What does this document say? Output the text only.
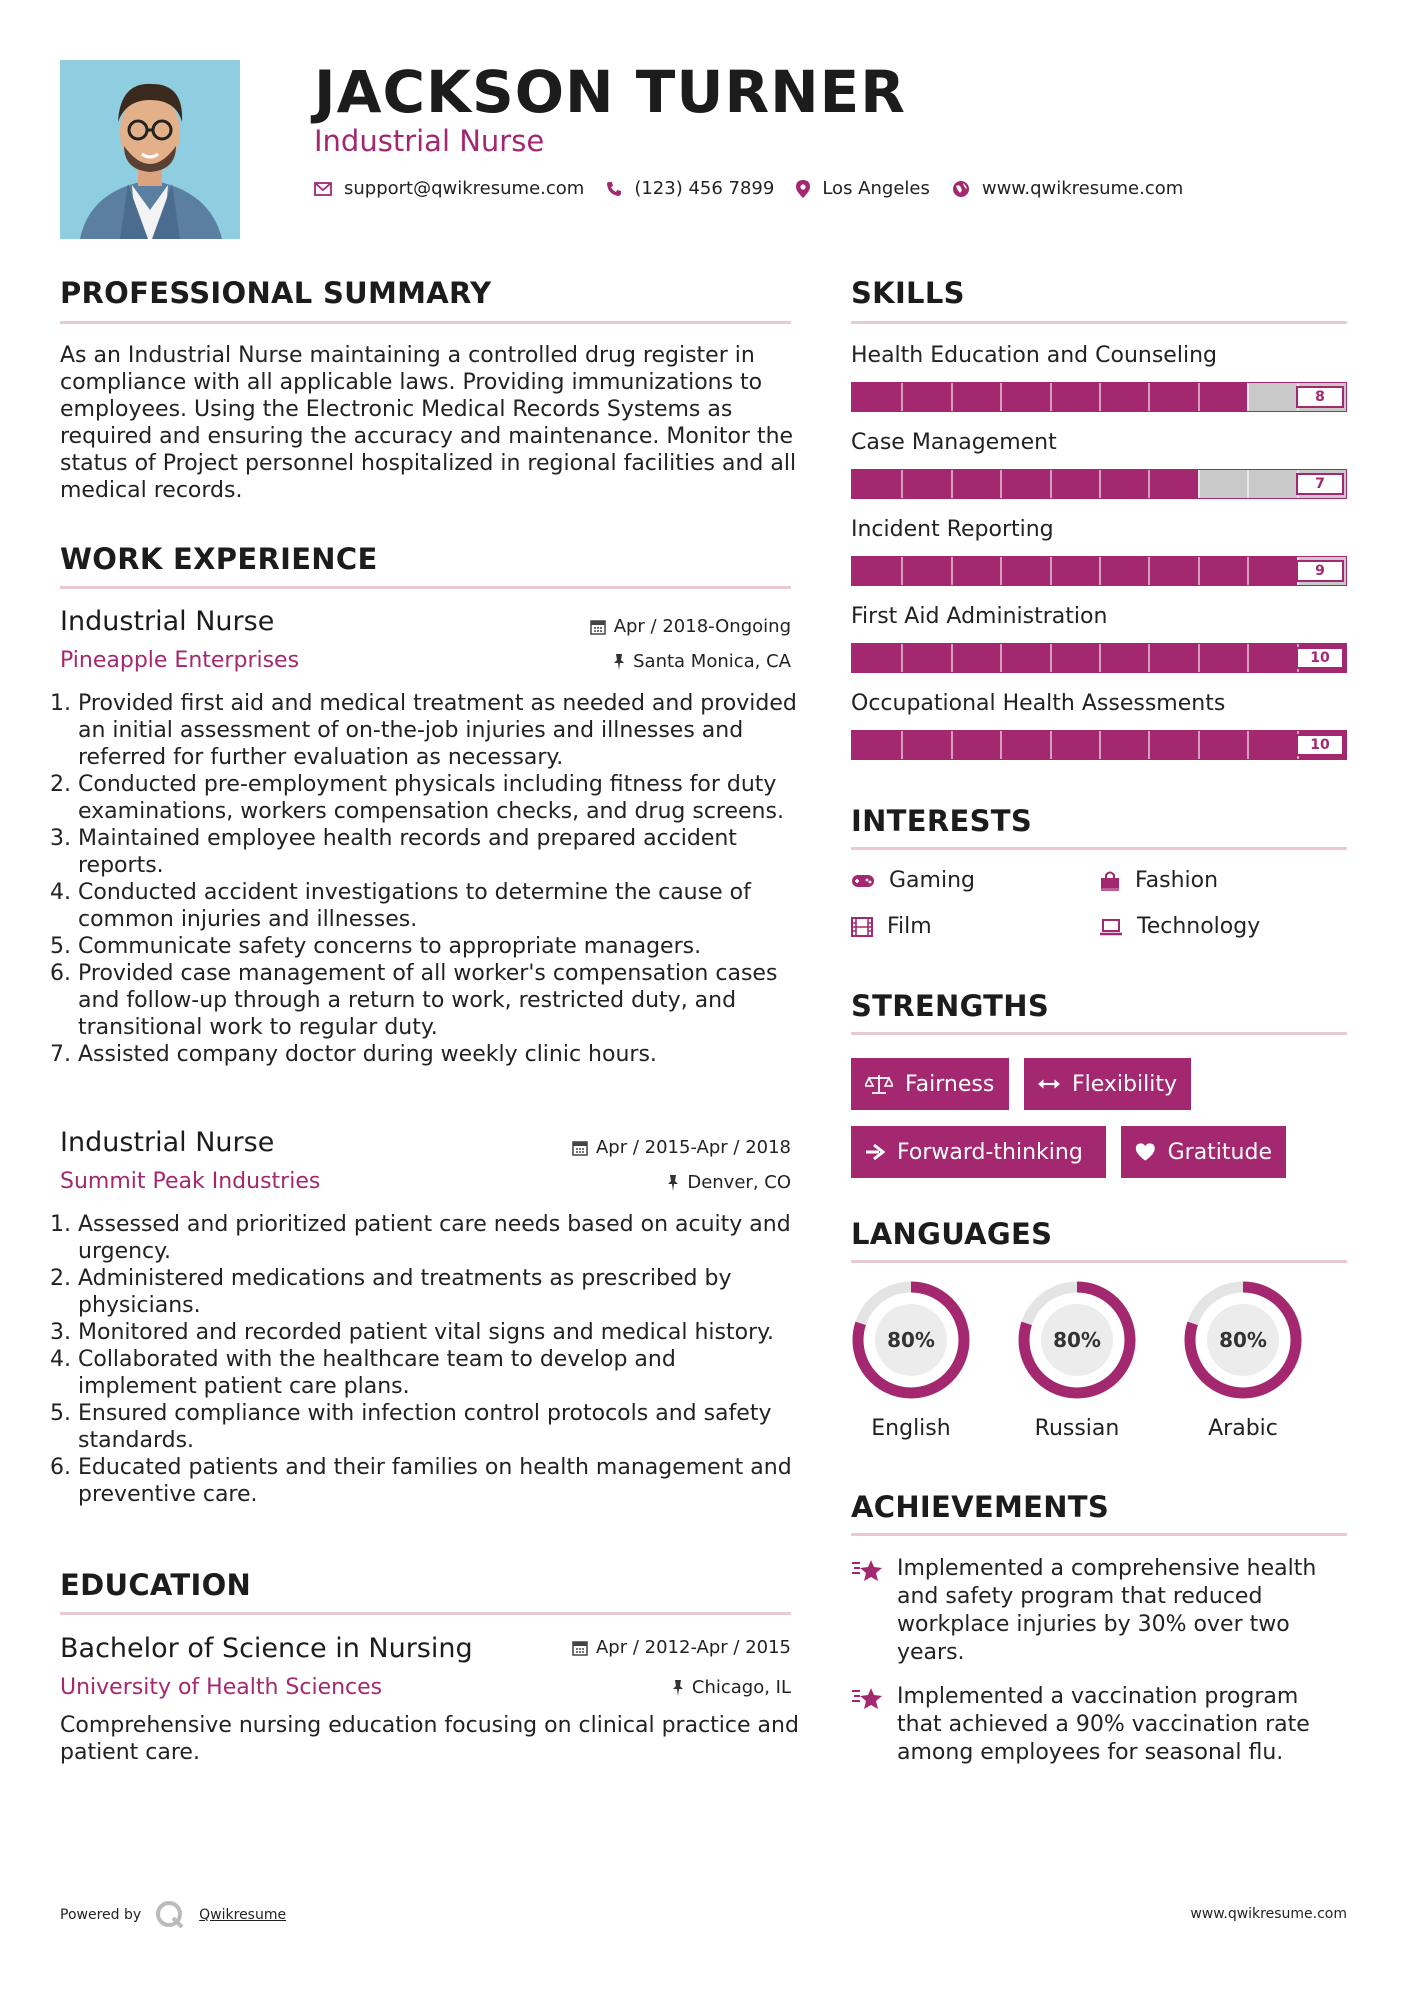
JACKSON TURNER
Industrial Nurse
support@qwikresume.com	(123) 456 7899	Los Angeles	www.qwikresume.com
PROFESSIONAL SUMMARY
As an Industrial Nurse maintaining a controlled drug register in compliance with all applicable laws. Providing immunizations to employees. Using the Electronic Medical Records Systems as required and ensuring the accuracy and maintenance. Monitor the status of Project personnel hospitalized in regional facilities and all medical records.
WORK EXPERIENCE
Industrial Nurse	Apr / 2018-Ongoing
Pineapple Enterprises	Santa Monica, CA
1. Provided first aid and medical treatment as needed and provided an initial assessment of on-the-job injuries and illnesses and referred for further evaluation as necessary.
2. Conducted pre-employment physicals including fitness for duty examinations, workers compensation checks, and drug screens.
3. Maintained employee health records and prepared accident reports.
4. Conducted accident investigations to determine the cause of common injuries and illnesses.
5. Communicate safety concerns to appropriate managers.
6. Provided case management of all worker's compensation cases and follow-up through a return to work, restricted duty, and transitional work to regular duty.
7. Assisted company doctor during weekly clinic hours.
Industrial Nurse	Apr / 2015-Apr / 2018
Summit Peak Industries	Denver, CO
1. Assessed and prioritized patient care needs based on acuity and urgency.
2. Administered medications and treatments as prescribed by physicians.
3. Monitored and recorded patient vital signs and medical history.
4. Collaborated with the healthcare team to develop and implement patient care plans.
5. Ensured compliance with infection control protocols and safety standards.
6. Educated patients and their families on health management and preventive care.
EDUCATION
Bachelor of Science in Nursing	Apr / 2012-Apr / 2015
University of Health Sciences	Chicago, IL
Comprehensive nursing education focusing on clinical practice and patient care.
SKILLS
Health Education and Counseling
8
Case Management
7
Incident Reporting
9
First Aid Administration
10
Occupational Health Assessments
10
INTERESTS
Gaming	Fashion
Film	Technology
STRENGTHS
Fairness	Flexibility
Forward-thinking	Gratitude
LANGUAGES
80%
English
80%
Russian
80%
Arabic
ACHIEVEMENTS
Implemented a comprehensive health and safety program that reduced workplace injuries by 30% over two years.
Implemented a vaccination program that achieved a 90% vaccination rate among employees for seasonal flu.
Powered by	Qwikresume	www.qwikresume.com
